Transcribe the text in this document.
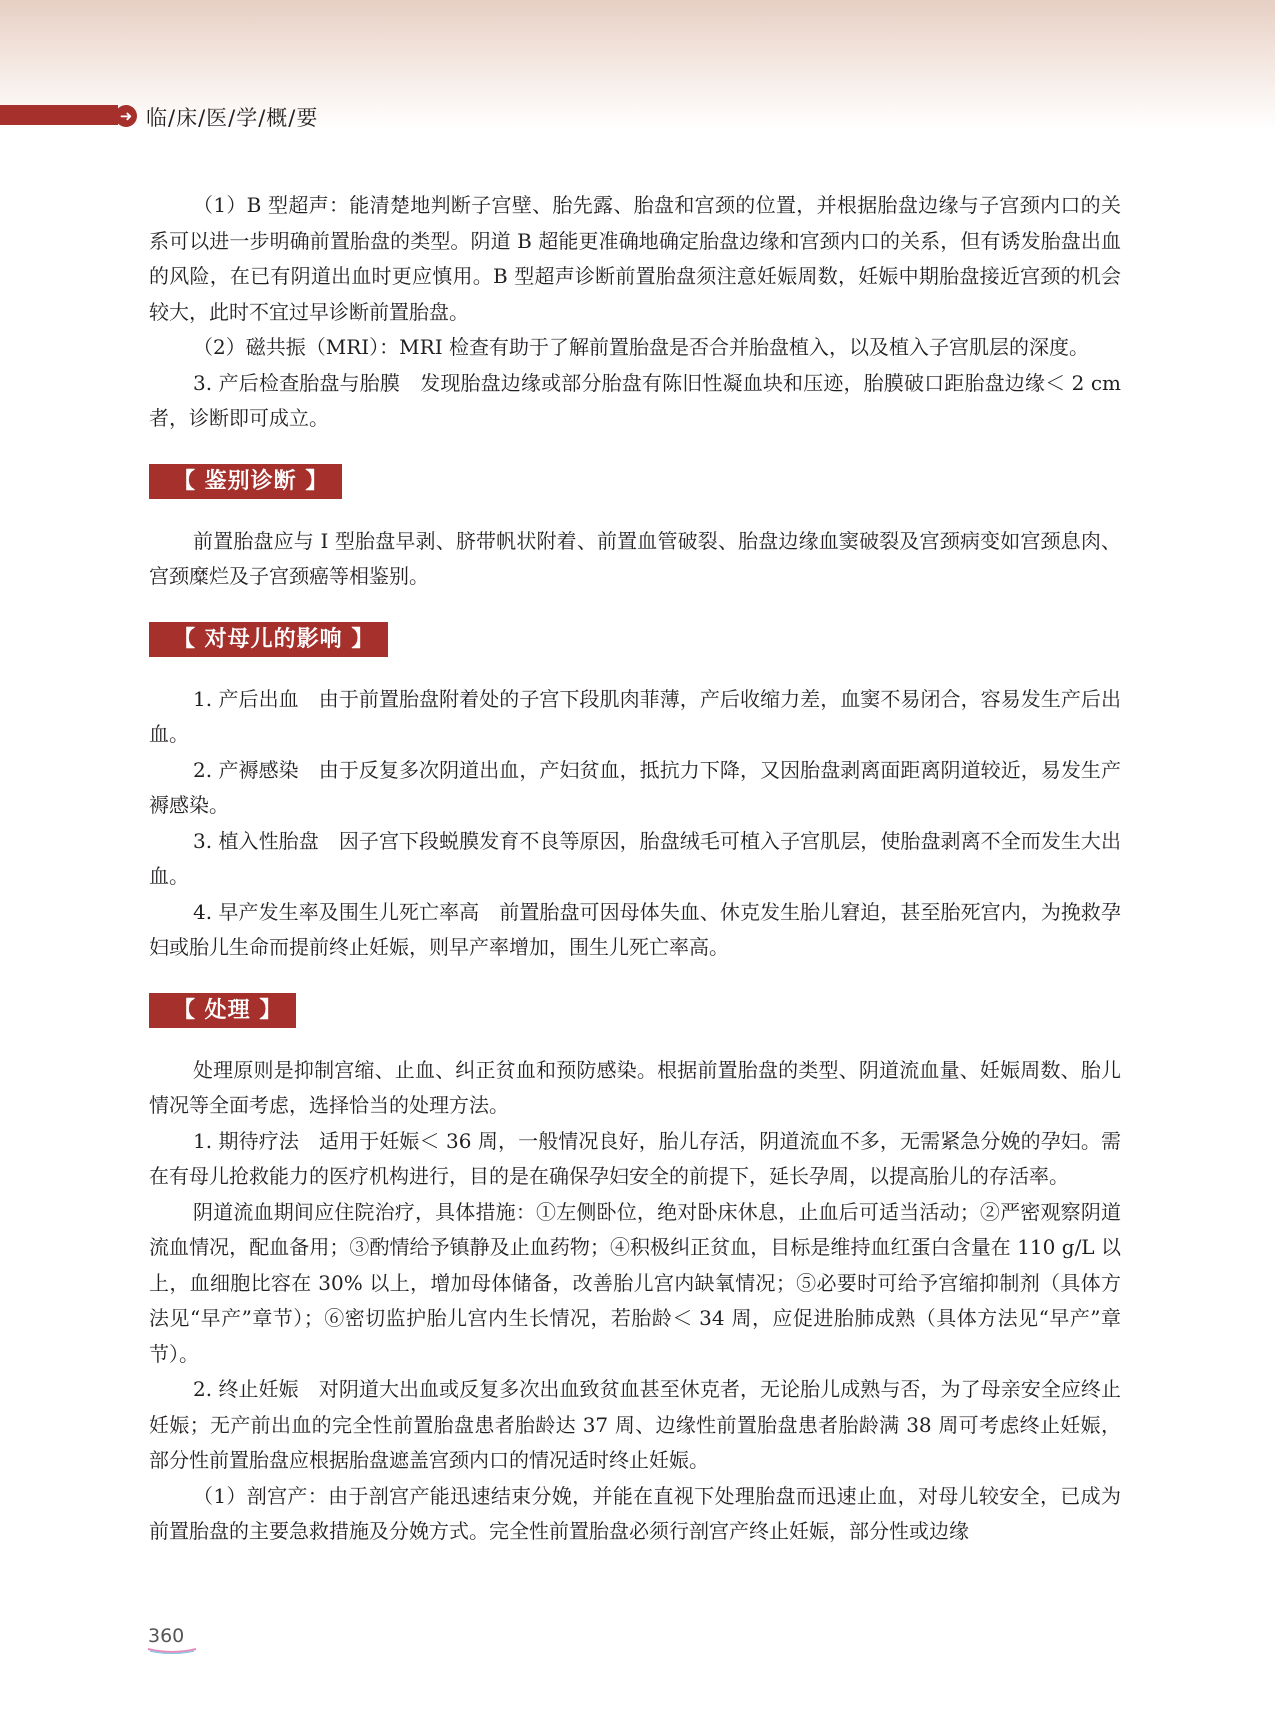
➜ 临/床/医/学/概/要

（1）B 型超声：能清楚地判断子宫壁、胎先露、胎盘和宫颈的位置，并根据胎盘边缘与子宫颈内口的关系可以进一步明确前置胎盘的类型。阴道 B 超能更准确地确定胎盘边缘和宫颈内口的关系，但有诱发胎盘出血的风险，在已有阴道出血时更应慎用。B 型超声诊断前置胎盘须注意妊娠周数，妊娠中期胎盘接近宫颈的机会较大，此时不宜过早诊断前置胎盘。

（2）磁共振（MRI）：MRI 检查有助于了解前置胎盘是否合并胎盘植入，以及植入子宫肌层的深度。

3. 产后检查胎盘与胎膜　发现胎盘边缘或部分胎盘有陈旧性凝血块和压迹，胎膜破口距胎盘边缘＜ 2 cm 者，诊断即可成立。

【 鉴别诊断 】

前置胎盘应与 I 型胎盘早剥、脐带帆状附着、前置血管破裂、胎盘边缘血窦破裂及宫颈病变如宫颈息肉、宫颈糜烂及子宫颈癌等相鉴别。

【 对母儿的影响 】

1. 产后出血　由于前置胎盘附着处的子宫下段肌肉菲薄，产后收缩力差，血窦不易闭合，容易发生产后出血。

2. 产褥感染　由于反复多次阴道出血，产妇贫血，抵抗力下降，又因胎盘剥离面距离阴道较近，易发生产褥感染。

3. 植入性胎盘　因子宫下段蜕膜发育不良等原因，胎盘绒毛可植入子宫肌层，使胎盘剥离不全而发生大出血。

4. 早产发生率及围生儿死亡率高　前置胎盘可因母体失血、休克发生胎儿窘迫，甚至胎死宫内，为挽救孕妇或胎儿生命而提前终止妊娠，则早产率增加，围生儿死亡率高。

【 处理 】

处理原则是抑制宫缩、止血、纠正贫血和预防感染。根据前置胎盘的类型、阴道流血量、妊娠周数、胎儿情况等全面考虑，选择恰当的处理方法。

1. 期待疗法　适用于妊娠＜ 36 周，一般情况良好，胎儿存活，阴道流血不多，无需紧急分娩的孕妇。需在有母儿抢救能力的医疗机构进行，目的是在确保孕妇安全的前提下，延长孕周，以提高胎儿的存活率。

阴道流血期间应住院治疗，具体措施：①左侧卧位，绝对卧床休息，止血后可适当活动；②严密观察阴道流血情况，配血备用；③酌情给予镇静及止血药物；④积极纠正贫血，目标是维持血红蛋白含量在 110 g/L 以上，血细胞比容在 30% 以上，增加母体储备，改善胎儿宫内缺氧情况；⑤必要时可给予宫缩抑制剂（具体方法见“早产”章节）；⑥密切监护胎儿宫内生长情况，若胎龄＜ 34 周，应促进胎肺成熟（具体方法见“早产”章节）。

2. 终止妊娠　对阴道大出血或反复多次出血致贫血甚至休克者，无论胎儿成熟与否，为了母亲安全应终止妊娠；无产前出血的完全性前置胎盘患者胎龄达 37 周、边缘性前置胎盘患者胎龄满 38 周可考虑终止妊娠，部分性前置胎盘应根据胎盘遮盖宫颈内口的情况适时终止妊娠。

（1）剖宫产：由于剖宫产能迅速结束分娩，并能在直视下处理胎盘而迅速止血，对母儿较安全，已成为前置胎盘的主要急救措施及分娩方式。完全性前置胎盘必须行剖宫产终止妊娠，部分性或边缘

360
